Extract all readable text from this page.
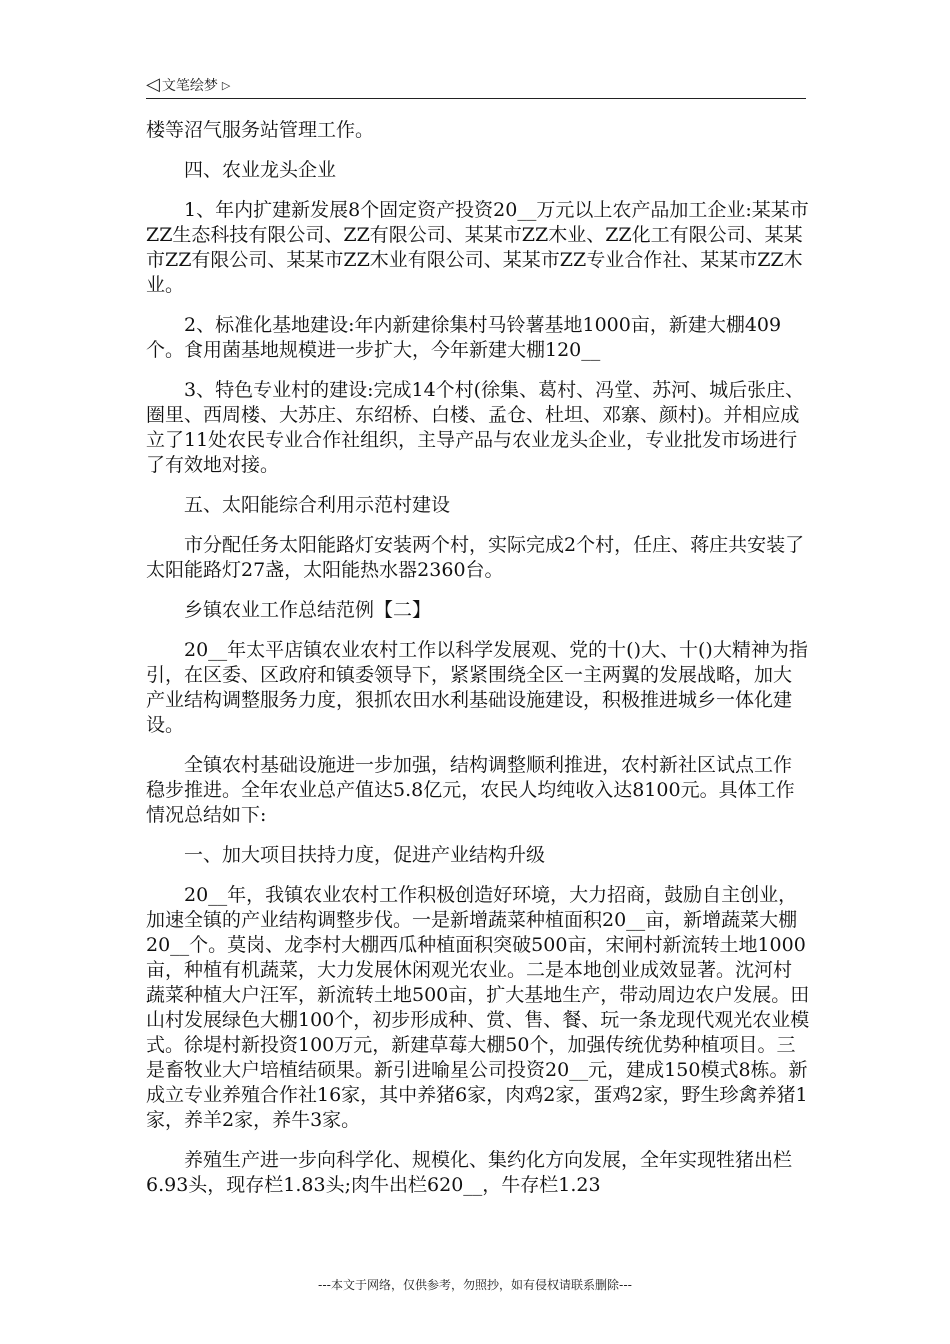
◁ 文笔绘梦 ▷

楼等沼气服务站管理工作。

四、农业龙头企业

1、年内扩建新发展8个固定资产投资20__万元以上农产品加工企业:某某市ZZ生态科技有限公司、ZZ有限公司、某某市ZZ木业、ZZ化工有限公司、某某市ZZ有限公司、某某市ZZ木业有限公司、某某市ZZ专业合作社、某某市ZZ木业。

2、标准化基地建设:年内新建徐集村马铃薯基地1000亩，新建大棚409个。食用菌基地规模进一步扩大，今年新建大棚120__

3、特色专业村的建设:完成14个村(徐集、葛村、冯堂、苏河、城后张庄、圈里、西周楼、大苏庄、东绍桥、白楼、孟仓、杜坦、邓寨、颜村)。并相应成立了11处农民专业合作社组织，主导产品与农业龙头企业，专业批发市场进行了有效地对接。

五、太阳能综合利用示范村建设

市分配任务太阳能路灯安装两个村，实际完成2个村，任庄、蒋庄共安装了太阳能路灯27盏，太阳能热水器2360台。

乡镇农业工作总结范例【二】

20__年太平店镇农业农村工作以科学发展观、党的十()大、十()大精神为指引，在区委、区政府和镇委领导下，紧紧围绕全区一主两翼的发展战略，加大产业结构调整服务力度，狠抓农田水利基础设施建设，积极推进城乡一体化建设。

全镇农村基础设施进一步加强，结构调整顺利推进，农村新社区试点工作稳步推进。全年农业总产值达5.8亿元，农民人均纯收入达8100元。具体工作情况总结如下:

一、加大项目扶持力度，促进产业结构升级

20__年，我镇农业农村工作积极创造好环境，大力招商，鼓励自主创业，加速全镇的产业结构调整步伐。一是新增蔬菜种植面积20__亩，新增蔬菜大棚20__个。莫岗、龙李村大棚西瓜种植面积突破500亩，宋闸村新流转土地1000亩，种植有机蔬菜，大力发展休闲观光农业。二是本地创业成效显著。沈河村蔬菜种植大户汪军，新流转土地500亩，扩大基地生产，带动周边农户发展。田山村发展绿色大棚100个，初步形成种、赏、售、餐、玩一条龙现代观光农业模式。徐堤村新投资100万元，新建草莓大棚50个，加强传统优势种植项目。三是畜牧业大户培植结硕果。新引进喻星公司投资20__元，建成150模式8栋。新成立专业养殖合作社16家，其中养猪6家，肉鸡2家，蛋鸡2家，野生珍禽养猪1家，养羊2家，养牛3家。

养殖生产进一步向科学化、规模化、集约化方向发展，全年实现牲猪出栏6.93头，现存栏1.83头;肉牛出栏620__，牛存栏1.23

---本文于网络，仅供参考，勿照抄，如有侵权请联系删除---
